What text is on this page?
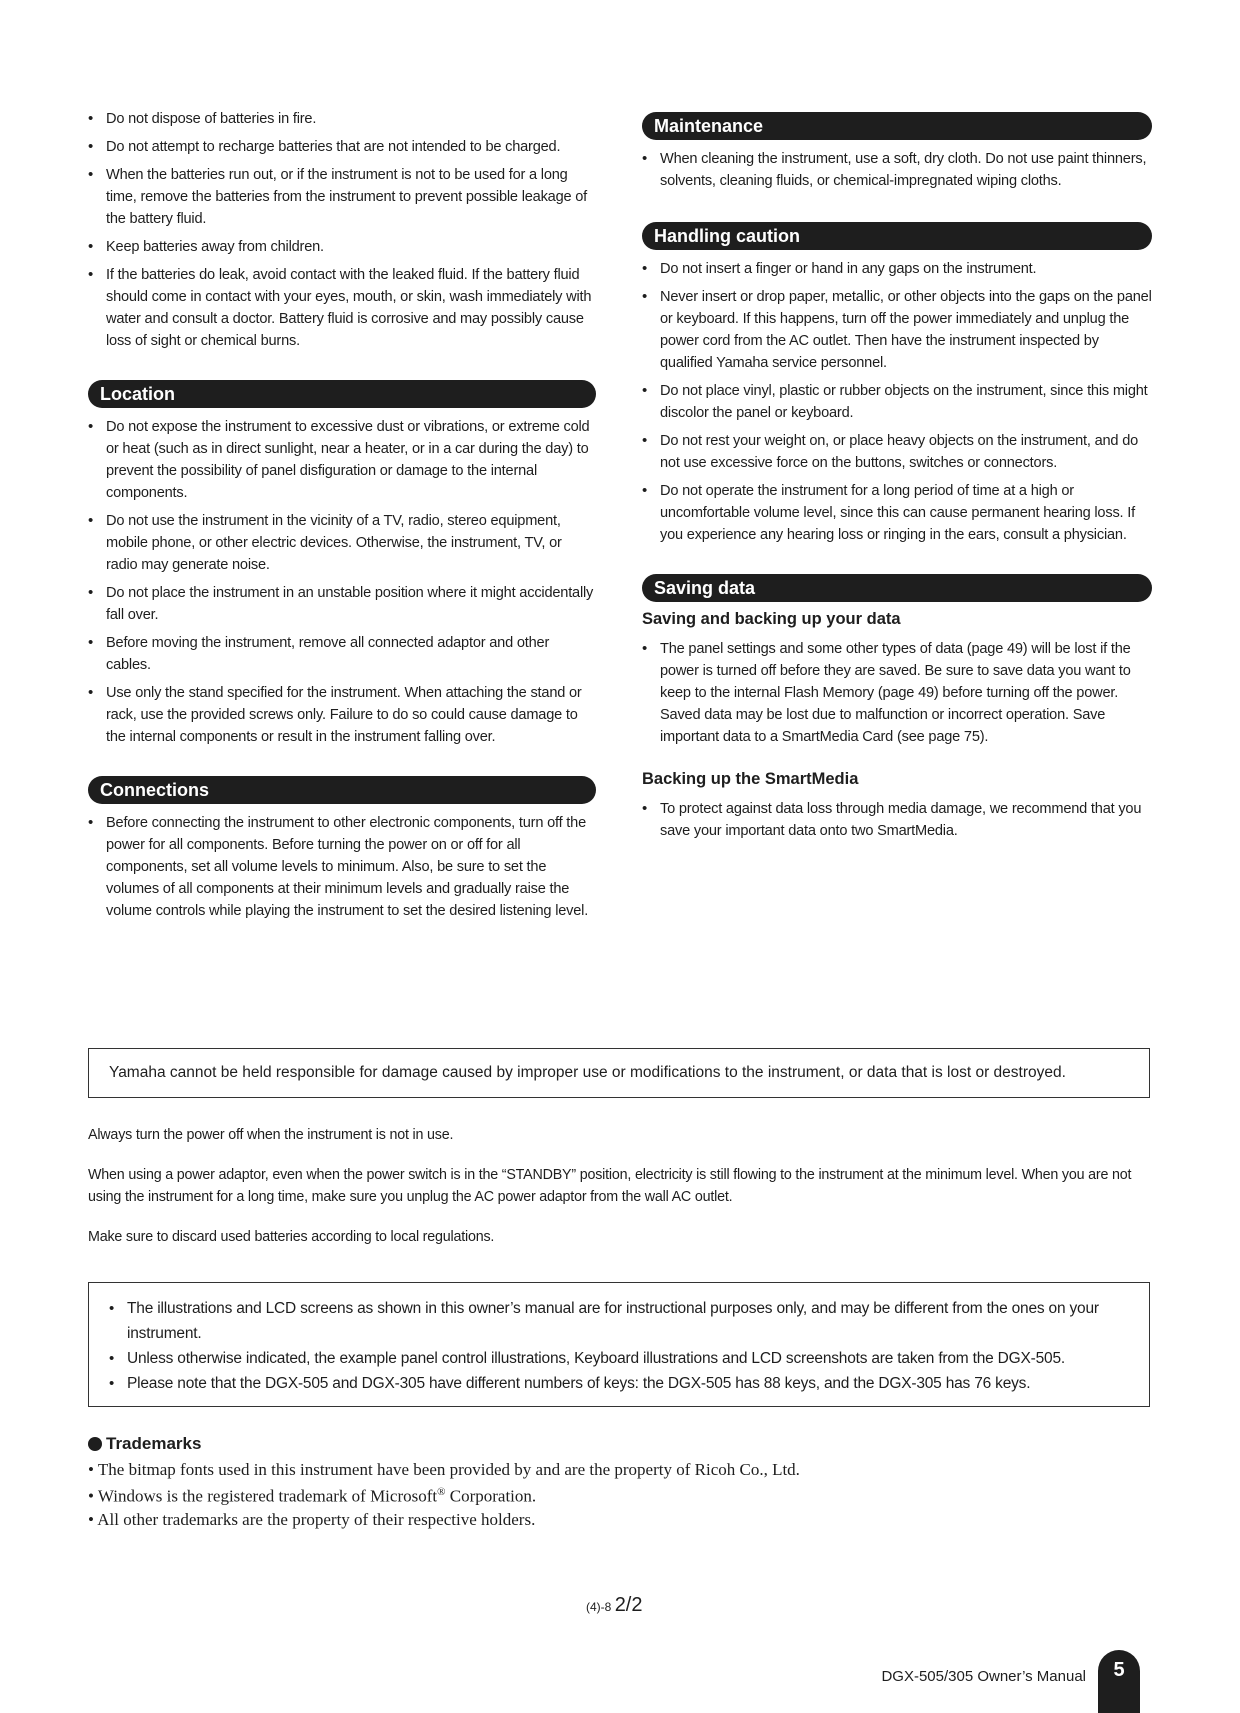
• Do not dispose of batteries in fire.
• Do not attempt to recharge batteries that are not intended to be charged.
• When the batteries run out, or if the instrument is not to be used for a long time, remove the batteries from the instrument to prevent possible leakage of the battery fluid.
• Keep batteries away from children.
• If the batteries do leak, avoid contact with the leaked fluid. If the battery fluid should come in contact with your eyes, mouth, or skin, wash immediately with water and consult a doctor. Battery fluid is corrosive and may possibly cause loss of sight or chemical burns.
Location
• Do not expose the instrument to excessive dust or vibrations, or extreme cold or heat (such as in direct sunlight, near a heater, or in a car during the day) to prevent the possibility of panel disfiguration or damage to the internal components.
• Do not use the instrument in the vicinity of a TV, radio, stereo equipment, mobile phone, or other electric devices. Otherwise, the instrument, TV, or radio may generate noise.
• Do not place the instrument in an unstable position where it might accidentally fall over.
• Before moving the instrument, remove all connected adaptor and other cables.
• Use only the stand specified for the instrument. When attaching the stand or rack, use the provided screws only. Failure to do so could cause damage to the internal components or result in the instrument falling over.
Connections
• Before connecting the instrument to other electronic components, turn off the power for all components. Before turning the power on or off for all components, set all volume levels to minimum. Also, be sure to set the volumes of all components at their minimum levels and gradually raise the volume controls while playing the instrument to set the desired listening level.
Maintenance
• When cleaning the instrument, use a soft, dry cloth. Do not use paint thinners, solvents, cleaning fluids, or chemical-impregnated wiping cloths.
Handling caution
• Do not insert a finger or hand in any gaps on the instrument.
• Never insert or drop paper, metallic, or other objects into the gaps on the panel or keyboard. If this happens, turn off the power immediately and unplug the power cord from the AC outlet. Then have the instrument inspected by qualified Yamaha service personnel.
• Do not place vinyl, plastic or rubber objects on the instrument, since this might discolor the panel or keyboard.
• Do not rest your weight on, or place heavy objects on the instrument, and do not use excessive force on the buttons, switches or connectors.
• Do not operate the instrument for a long period of time at a high or uncomfortable volume level, since this can cause permanent hearing loss. If you experience any hearing loss or ringing in the ears, consult a physician.
Saving data
Saving and backing up your data
• The panel settings and some other types of data (page 49) will be lost if the power is turned off before they are saved. Be sure to save data you want to keep to the internal Flash Memory (page 49) before turning off the power. Saved data may be lost due to malfunction or incorrect operation. Save important data to a SmartMedia Card (see page 75).
Backing up the SmartMedia
• To protect against data loss through media damage, we recommend that you save your important data onto two SmartMedia.
Yamaha cannot be held responsible for damage caused by improper use or modifications to the instrument, or data that is lost or destroyed.

Always turn the power off when the instrument is not in use.

When using a power adaptor, even when the power switch is in the “STANDBY” position, electricity is still flowing to the instrument at the minimum level. When you are not using the instrument for a long time, make sure you unplug the AC power adaptor from the wall AC outlet.

Make sure to discard used batteries according to local regulations.

• The illustrations and LCD screens as shown in this owner’s manual are for instructional purposes only, and may be different from the ones on your instrument.
• Unless otherwise indicated, the example panel control illustrations, Keyboard illustrations and LCD screenshots are taken from the DGX-505.
• Please note that the DGX-505 and DGX-305 have different numbers of keys: the DGX-505 has 88 keys, and the DGX-305 has 76 keys.
Trademarks
• The bitmap fonts used in this instrument have been provided by and are the property of Ricoh Co., Ltd.
• Windows is the registered trademark of Microsoft® Corporation.
• All other trademarks are the property of their respective holders.
(4)-8 2/2
DGX-505/305 Owner’s Manual	5
